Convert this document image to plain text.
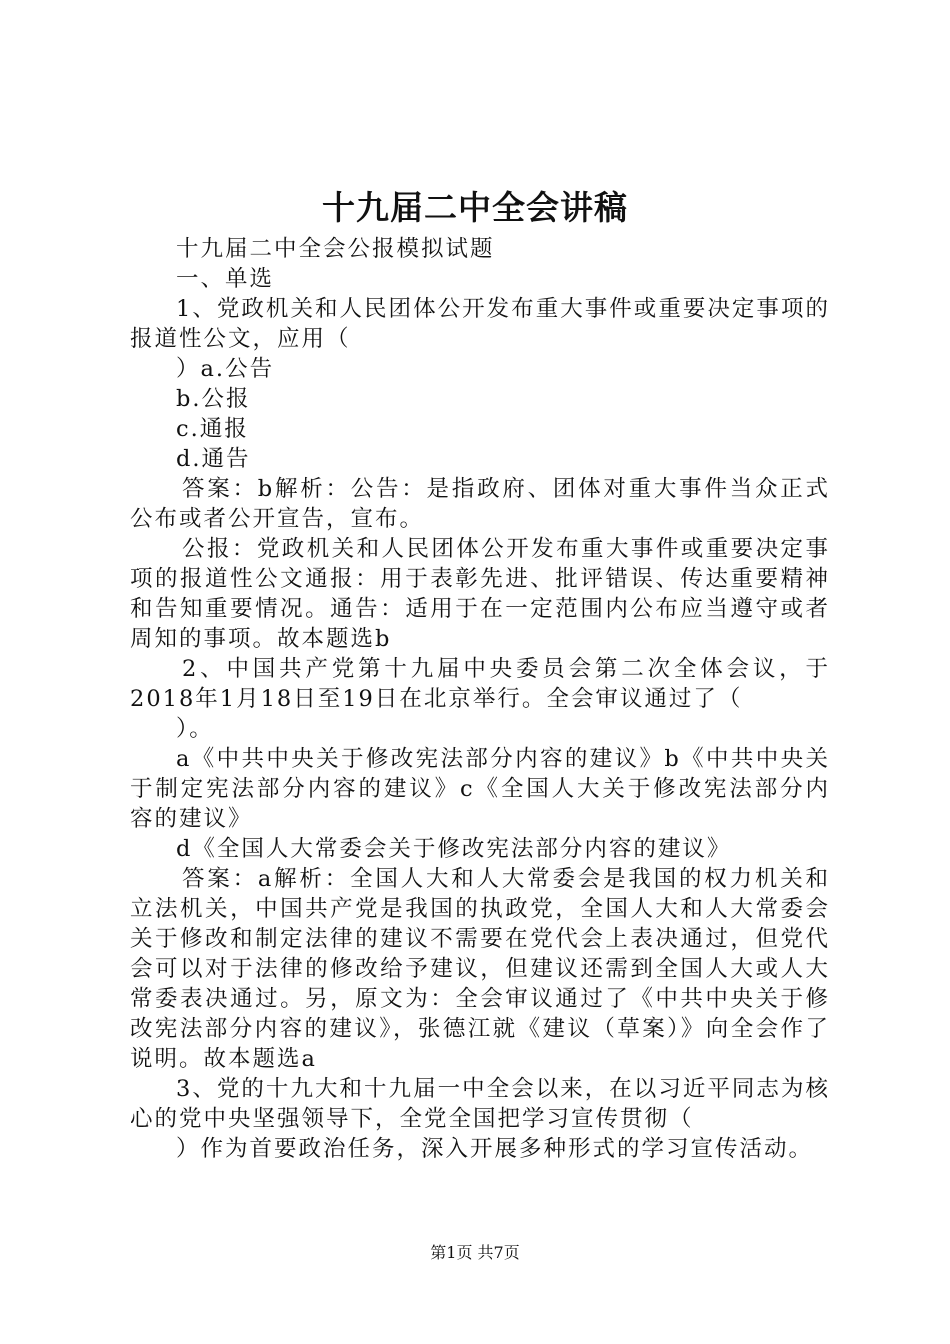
十九届二中全会讲稿

十九届二中全会公报模拟试题

一、单选

1、党政机关和人民团体公开发布重大事件或重要决定事项的报道性公文，应用（

）a.公告

b.公报

c.通报

d.通告

答案：b解析：公告：是指政府、团体对重大事件当众正式公布或者公开宣告，宣布。

公报：党政机关和人民团体公开发布重大事件或重要决定事项的报道性公文通报：用于表彰先进、批评错误、传达重要精神和告知重要情况。通告：适用于在一定范围内公布应当遵守或者周知的事项。故本题选b

2、中国共产党第十九届中央委员会第二次全体会议，于2018年1月18日至19日在北京举行。全会审议通过了（

）。

a《中共中央关于修改宪法部分内容的建议》b《中共中央关于制定宪法部分内容的建议》c《全国人大关于修改宪法部分内容的建议》

d《全国人大常委会关于修改宪法部分内容的建议》

答案：a解析：全国人大和人大常委会是我国的权力机关和立法机关，中国共产党是我国的执政党，全国人大和人大常委会关于修改和制定法律的建议不需要在党代会上表决通过，但党代会可以对于法律的修改给予建议，但建议还需到全国人大或人大常委表决通过。另，原文为：全会审议通过了《中共中央关于修改宪法部分内容的建议》，张德江就《建议（草案）》向全会作了说明。故本题选a

3、党的十九大和十九届一中全会以来，在以习近平同志为核心的党中央坚强领导下，全党全国把学习宣传贯彻（

）作为首要政治任务，深入开展多种形式的学习宣传活动。

第1页 共7页
